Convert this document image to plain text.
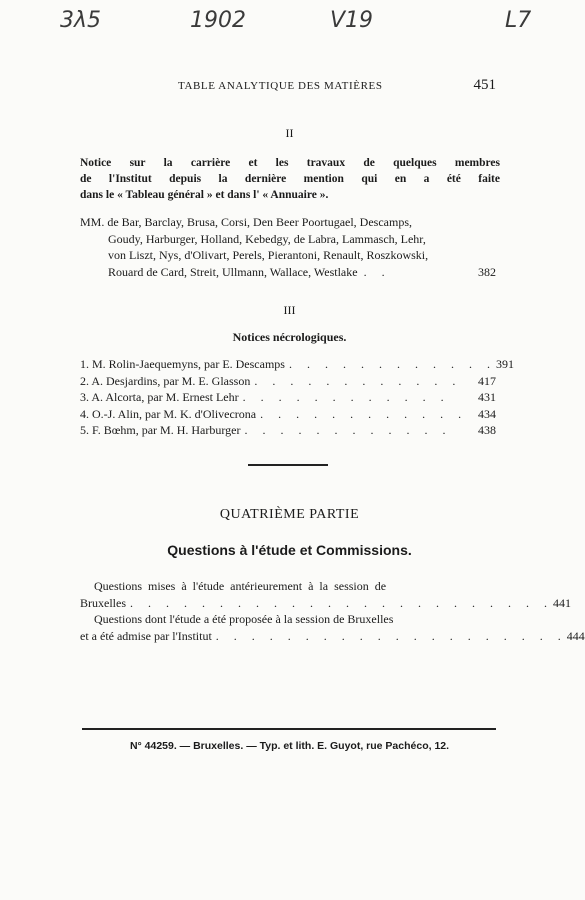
3λ5	1902	V19	L7
TABLE ANALYTIQUE DES MATIÈRES	451
II
Notice sur la carrière et les travaux de quelques membres
de l'Institut depuis la dernière mention qui en a été faite
dans le « Tableau général » et dans l' « Annuaire ».
MM. de Bar, Barclay, Brusa, Corsi, Den Beer Poortugael, Descamps,
Goudy, Harburger, Holland, Kebedgy, de Labra, Lammasch, Lehr,
von Liszt, Nys, d'Olivart, Perels, Pierantoni, Renault, Roszkowski,
Rouard de Card, Streit, Ullmann, Wallace, Westlake . .	382
III
Notices nécrologiques.
1. M. Rolin-Jaequemyns, par E. Descamps . . . . . . . . . . . . 391
2. A. Desjardins, par M. E. Glasson . . . . . . . . . . . .	417
3. A. Alcorta, par M. Ernest Lehr . . . . . . . . . . . .	431
4. O.-J. Alin, par M. K. d'Olivecrona . . . . . . . . . . . . 434
5. F. Bœhm, par M. H. Harburger . . . . . . . . . . . .	438
QUATRIÈME PARTIE
Questions à l'étude et Commissions.
Questions mises à l'étude antérieurement à la session de
Bruxelles . . . . . . . . . . . . . . . . . . . . . . . . 441
Questions dont l'étude a été proposée à la session de Bruxelles
et a été admise par l'Institut . . . . . . . . . . . . . . . . . . . . 444
N° 44259. — Bruxelles. — Typ. et lith. E. Guyot, rue Pachéco, 12.
